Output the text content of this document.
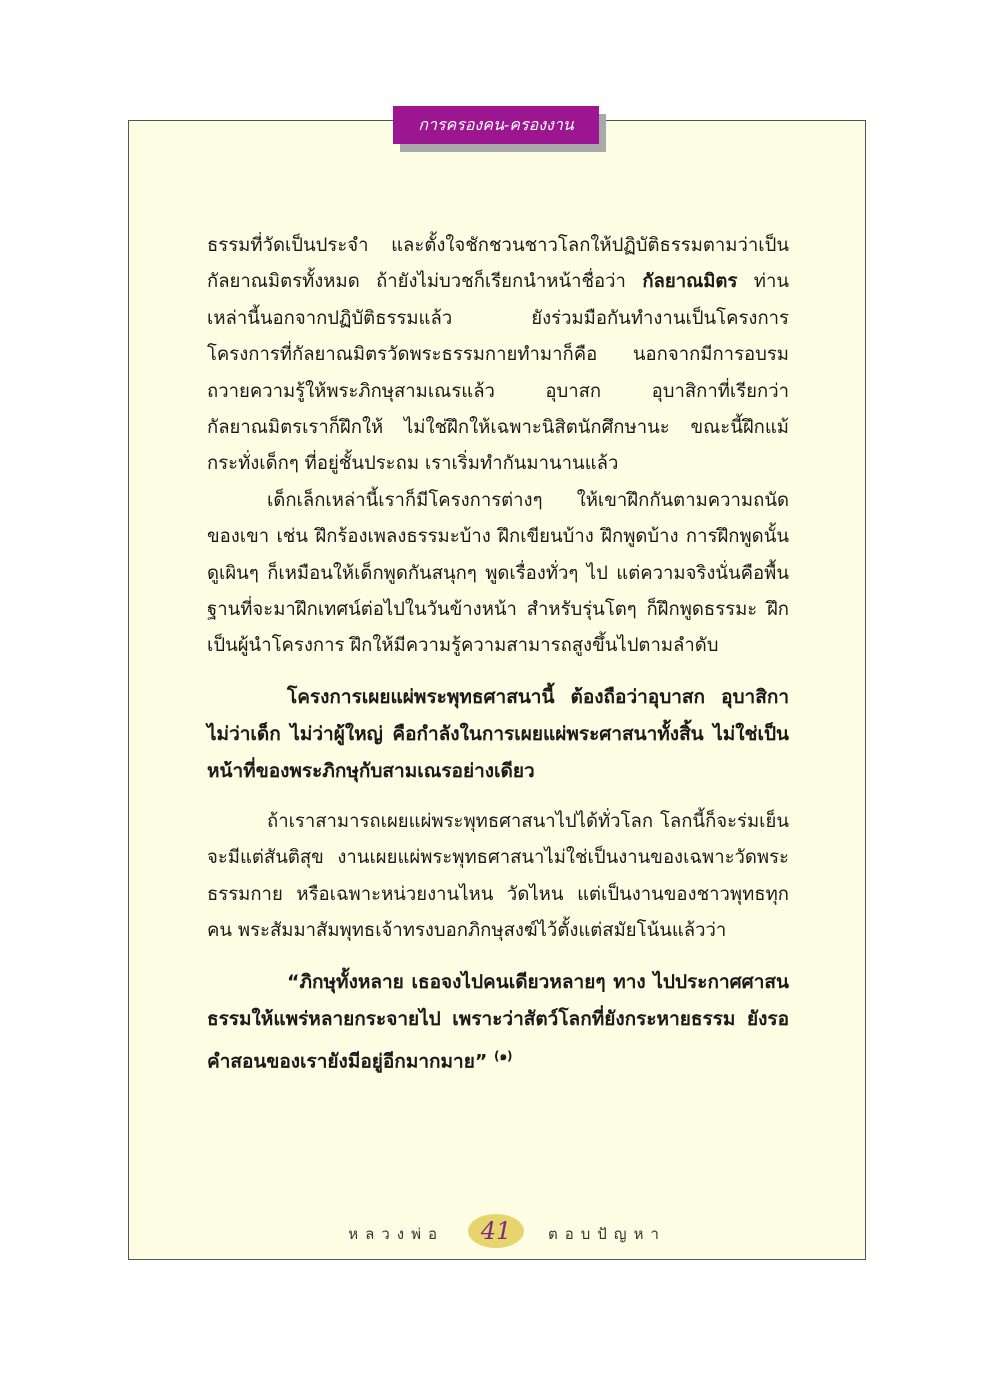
การครองคน-ครองงาน

ธรรมที่วัดเป็นประจำ และตั้งใจชักชวนชาวโลกให้ปฏิบัติธรรมตามว่าเป็นกัลยาณมิตรทั้งหมด ถ้ายังไม่บวชก็เรียกนำหน้าชื่อว่า กัลยาณมิตร ท่านเหล่านี้นอกจากปฏิบัติธรรมแล้ว ยังร่วมมือกันทำงานเป็นโครงการ โครงการที่กัลยาณมิตรวัดพระธรรมกายทำมาก็คือ นอกจากมีการอบรมถวายความรู้ให้พระภิกษุสามเณรแล้ว อุบาสก อุบาสิกาที่เรียกว่ากัลยาณมิตรเราก็ฝึกให้ ไม่ใช่ฝึกให้เฉพาะนิสิตนักศึกษานะ ขณะนี้ฝึกแม้กระทั่งเด็กๆ ที่อยู่ชั้นประถม เราเริ่มทำกันมานานแล้ว

เด็กเล็กเหล่านี้เราก็มีโครงการต่างๆ ให้เขาฝึกกันตามความถนัดของเขา เช่น ฝึกร้องเพลงธรรมะบ้าง ฝึกเขียนบ้าง ฝึกพูดบ้าง การฝึกพูดนั้น ดูเผินๆ ก็เหมือนให้เด็กพูดกันสนุกๆ พูดเรื่องทั่วๆ ไป แต่ความจริงนั่นคือพื้นฐานที่จะมาฝึกเทศน์ต่อไปในวันข้างหน้า สำหรับรุ่นโตๆ ก็ฝึกพูดธรรมะ ฝึกเป็นผู้นำโครงการ ฝึกให้มีความรู้ความสามารถสูงขึ้นไปตามลำดับ

โครงการเผยแผ่พระพุทธศาสนานี้ ต้องถือว่าอุบาสก อุบาสิกา ไม่ว่าเด็ก ไม่ว่าผู้ใหญ่ คือกำลังในการเผยแผ่พระศาสนาทั้งสิ้น ไม่ใช่เป็นหน้าที่ของพระภิกษุกับสามเณรอย่างเดียว

ถ้าเราสามารถเผยแผ่พระพุทธศาสนาไปได้ทั่วโลก โลกนี้ก็จะร่มเย็น จะมีแต่สันติสุข งานเผยแผ่พระพุทธศาสนาไม่ใช่เป็นงานของเฉพาะวัดพระธรรมกาย หรือเฉพาะหน่วยงานไหน วัดไหน แต่เป็นงานของชาวพุทธทุกคน พระสัมมาสัมพุทธเจ้าทรงบอกภิกษุสงฆ์ไว้ตั้งแต่สมัยโน้นแล้วว่า

“ภิกษุทั้งหลาย เธอจงไปคนเดียวหลายๆ ทาง ไปประกาศศาสนธรรมให้แพร่หลายกระจายไป เพราะว่าสัตว์โลกที่ยังกระหายธรรม ยังรอคำสอนของเรายังมีอยู่อีกมากมาย” $^{(๑)}$

หลวงพ่อ	41	ตอบปัญหา
